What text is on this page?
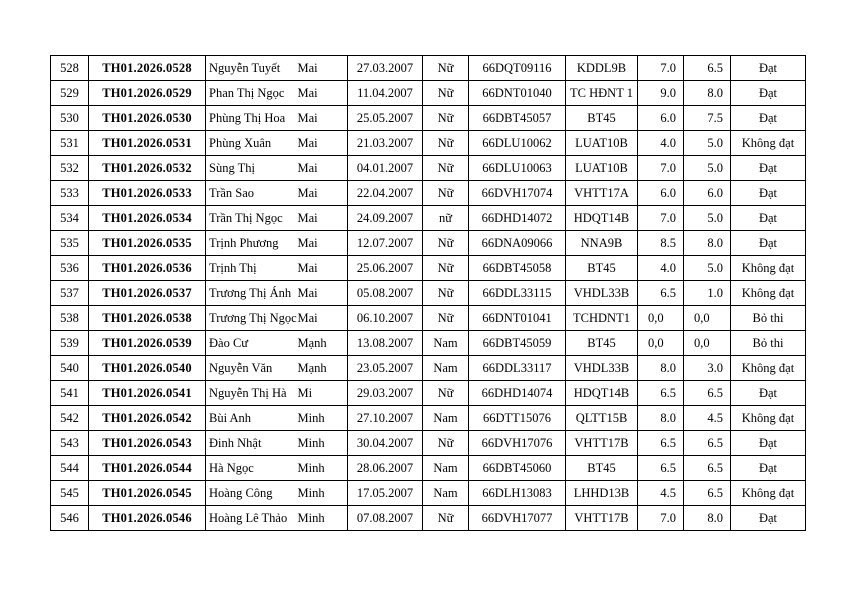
528	TH01.2026.0528	Nguyễn Tuyết	Mai	27.03.2007	Nữ	66DQT09116	KDDL9B	7.0	6.5	Đạt
529	TH01.2026.0529	Phan Thị Ngọc	Mai	11.04.2007	Nữ	66DNT01040	TC HĐNT 1	9.0	8.0	Đạt
530	TH01.2026.0530	Phùng Thị Hoa	Mai	25.05.2007	Nữ	66DBT45057	BT45	6.0	7.5	Đạt
531	TH01.2026.0531	Phùng Xuân	Mai	21.03.2007	Nữ	66DLU10062	LUAT10B	4.0	5.0	Không đạt
532	TH01.2026.0532	Sùng Thị	Mai	04.01.2007	Nữ	66DLU10063	LUAT10B	7.0	5.0	Đạt
533	TH01.2026.0533	Trần Sao	Mai	22.04.2007	Nữ	66DVH17074	VHTT17A	6.0	6.0	Đạt
534	TH01.2026.0534	Trần Thị Ngọc	Mai	24.09.2007	nữ	66DHD14072	HDQT14B	7.0	5.0	Đạt
535	TH01.2026.0535	Trịnh Phương	Mai	12.07.2007	Nữ	66DNA09066	NNA9B	8.5	8.0	Đạt
536	TH01.2026.0536	Trịnh Thị	Mai	25.06.2007	Nữ	66DBT45058	BT45	4.0	5.0	Không đạt
537	TH01.2026.0537	Trương Thị Ánh	Mai	05.08.2007	Nữ	66DDL33115	VHDL33B	6.5	1.0	Không đạt
538	TH01.2026.0538	Trương Thị Ngọc	Mai	06.10.2007	Nữ	66DNT01041	TCHDNT1	0,0	0,0	Bỏ thi
539	TH01.2026.0539	Đào Cư	Mạnh	13.08.2007	Nam	66DBT45059	BT45	0,0	0,0	Bỏ thi
540	TH01.2026.0540	Nguyễn Văn	Mạnh	23.05.2007	Nam	66DDL33117	VHDL33B	8.0	3.0	Không đạt
541	TH01.2026.0541	Nguyễn Thị Hà	Mi	29.03.2007	Nữ	66DHD14074	HDQT14B	6.5	6.5	Đạt
542	TH01.2026.0542	Bùi Anh	Minh	27.10.2007	Nam	66DTT15076	QLTT15B	8.0	4.5	Không đạt
543	TH01.2026.0543	Đinh Nhật	Minh	30.04.2007	Nữ	66DVH17076	VHTT17B	6.5	6.5	Đạt
544	TH01.2026.0544	Hà Ngọc	Minh	28.06.2007	Nam	66DBT45060	BT45	6.5	6.5	Đạt
545	TH01.2026.0545	Hoàng Công	Minh	17.05.2007	Nam	66DLH13083	LHHD13B	4.5	6.5	Không đạt
546	TH01.2026.0546	Hoàng Lê Thảo	Minh	07.08.2007	Nữ	66DVH17077	VHTT17B	7.0	8.0	Đạt
